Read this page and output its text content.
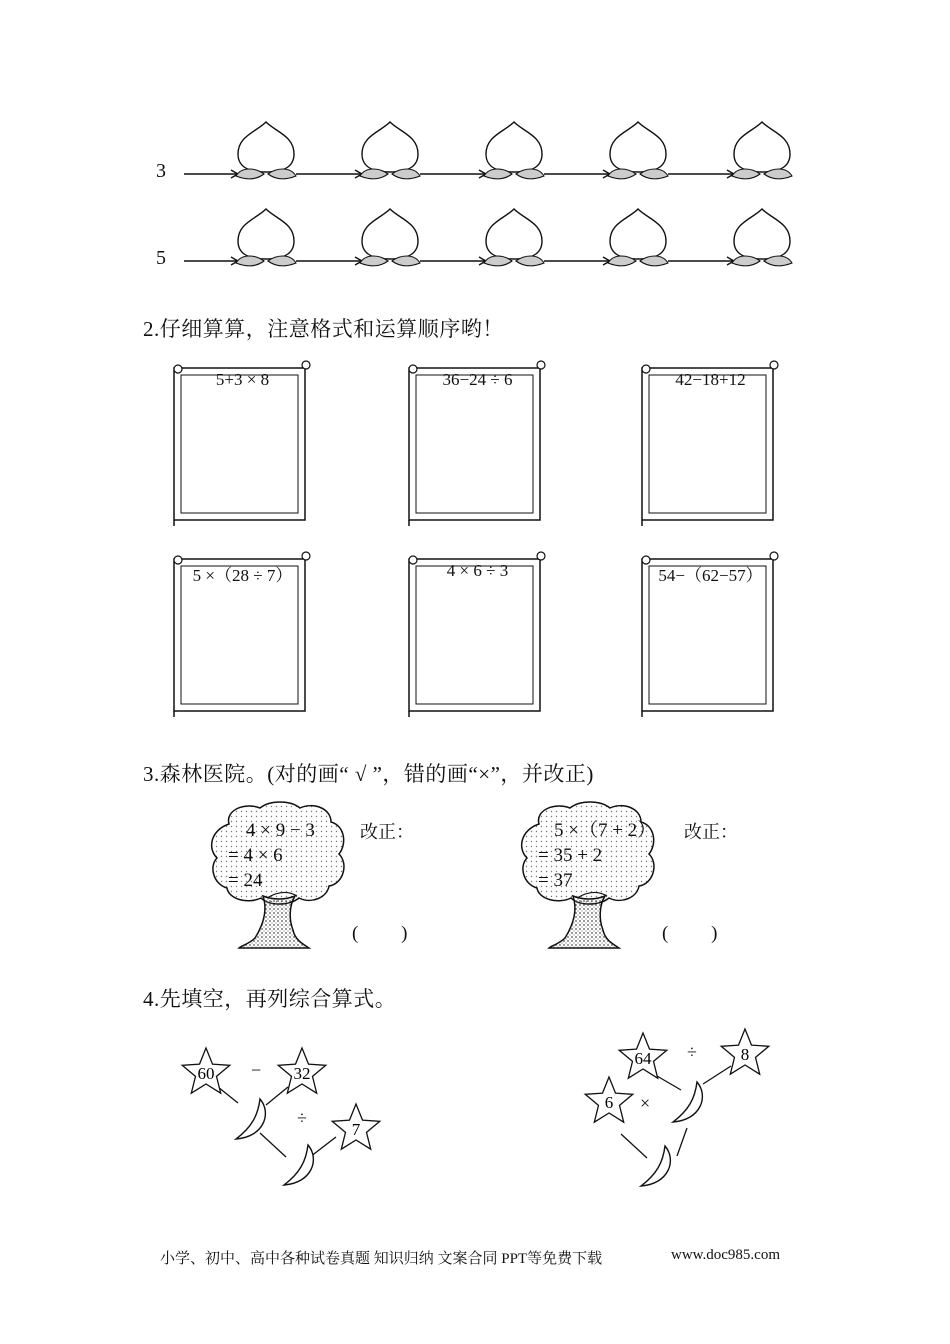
3
5
2.仔细算算，注意格式和运算顺序哟！
5+3 × 8	36−24 ÷ 6	42−18+12
5 ×（28 ÷ 7）	4 × 6 ÷ 3	54−（62−57）
3.森林医院。(对的画“ √ ”，错的画“×”，并改正)
4 × 9 − 3
= 4 × 6
= 24
改正：
(         )
5 ×（7 + 2）
= 35 + 2
= 37
改正：
(         )
4.先填空，再列综合算式。
60	32
7
−
÷
64	8
6
÷
×
小学、初中、高中各种试卷真题 知识归纳 文案合同 PPT等免费下载	www.doc985.com
